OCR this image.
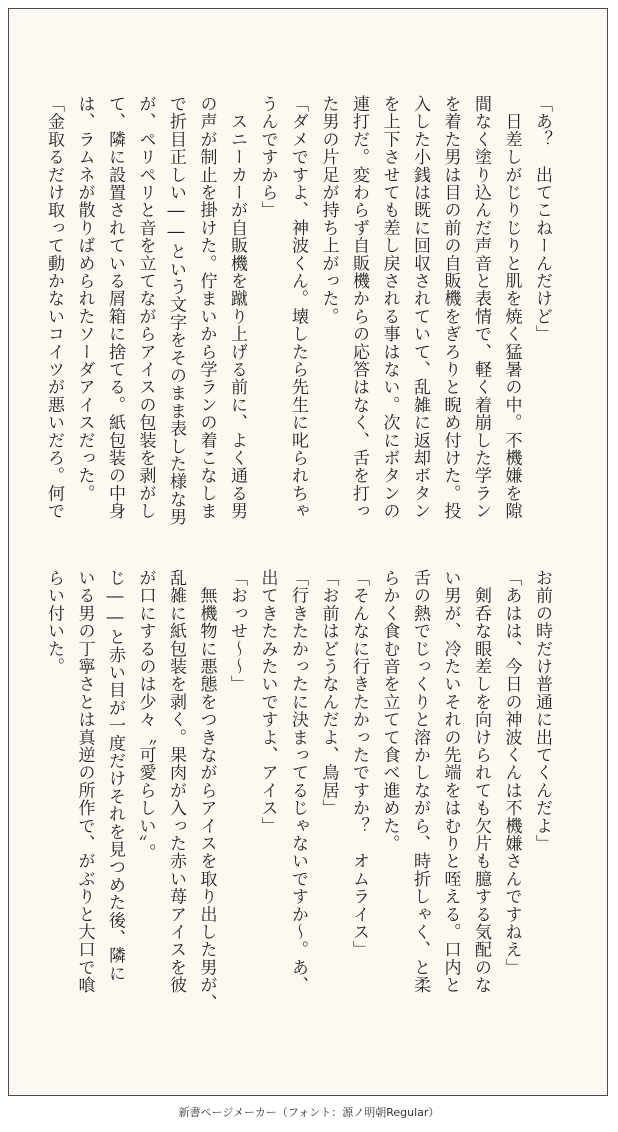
「あ？　出てこねーんだけど」
　日差しがじりじりと肌を焼く猛暑の中。不機嫌を隙
間なく塗り込んだ声音と表情で、軽く着崩した学ラン
を着た男は目の前の自販機をぎろりと睨め付けた。投
入した小銭は既に回収されていて、乱雑に返却ボタン
を上下させても差し戻される事はない。次にボタンの
連打だ。変わらず自販機からの応答はなく、舌を打っ
た男の片足が持ち上がった。
「ダメですよ、神波くん。壊したら先生に叱られちゃ
うんですから」
　スニーカーが自販機を蹴り上げる前に、よく通る男
の声が制止を掛けた。佇まいから学ランの着こなしま
で折目正しい――という文字をそのまま表した様な男
が、ペリペリと音を立てながらアイスの包装を剥がし
て、隣に設置されている屑箱に捨てる。紙包装の中身
は、ラムネが散りばめられたソーダアイスだった。
「金取るだけ取って動かないコイツが悪いだろ。何で
お前の時だけ普通に出てくんだよ」
「あはは、今日の神波くんは不機嫌さんですねえ」
　剣呑な眼差しを向けられても欠片も臆する気配のな
い男が、冷たいそれの先端をはむりと咥える。口内と
舌の熱でじっくりと溶かしながら、時折しゃく、と柔
らかく食む音を立てて食べ進めた。
「そんなに行きたかったですか？　オムライス」
「お前はどうなんだよ、鳥居」
「行きたかったに決まってるじゃないですか～。あ、
出てきたみたいですよ、アイス」
「おっせ～～」
　無機物に悪態をつきながらアイスを取り出した男が、
乱雑に紙包装を剥く。果肉が入った赤い苺アイスを彼
が口にするのは少々〝可愛らしい〟。
じ――と赤い目が一度だけそれを見つめた後、隣に
いる男の丁寧さとは真逆の所作で、がぶりと大口で喰
らい付いた。
新書ページメーカー（フォント：源ノ明朝Regular）
